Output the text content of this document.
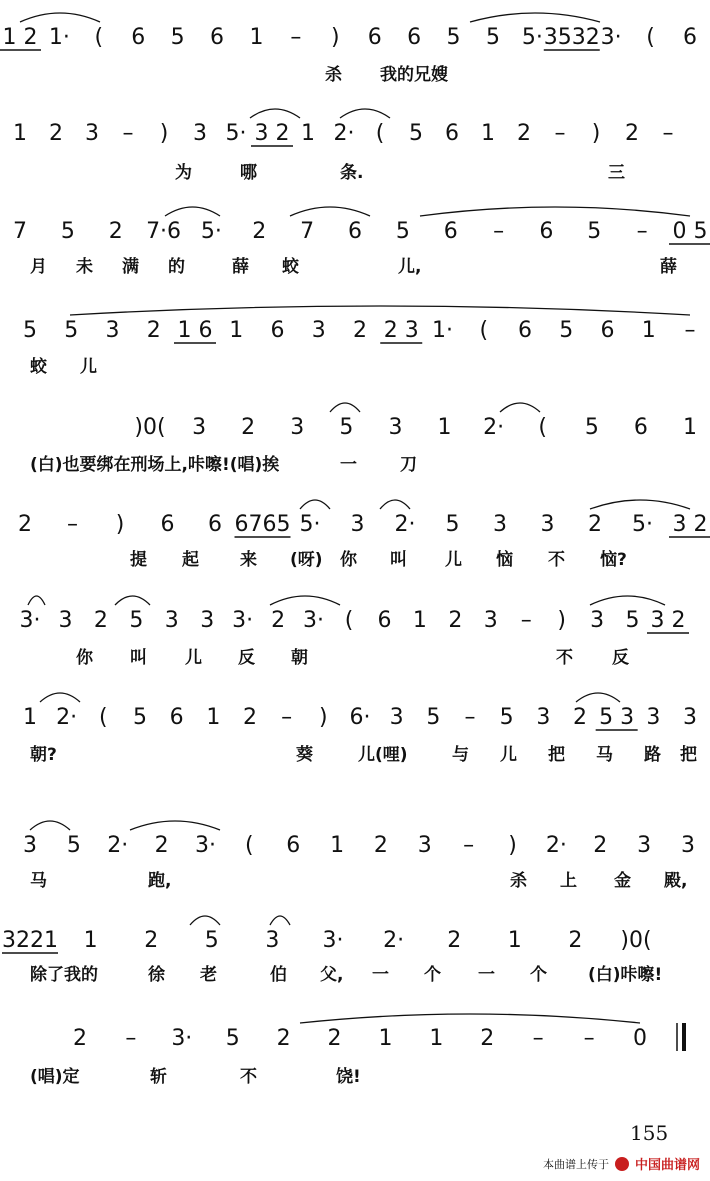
1 2 1· ( 6 5 6 1 – ) 6 6 5 5 5· 3532 3· ( 6
杀 我的兄嫂
1 2 3 – ) 3 5· 3 2 1 2· ( 5 6 1 2 – ) 2 –
为	哪	条.	三
7 5 2 7·6 5· 2 7 6 5 6 – 6 5 – 0 5
月 未 满 的	薛 蛟	儿,	薛
5 5 3 2 1 6 1 6 3 2 2 3 1· ( 6 5 6 1 –
蛟 儿
)0( 3 2 3 5 3 1 2· ( 5 6 1
(白)也要绑在刑场上,咔嚓!(唱)挨	一	刀
2 – ) 6 6 6765 5· 3 2· 5 3 3 2 5· 3 2
提 起 来 (呀) 你 叫 儿 恼 不 恼?
3· 3 2 5 3 3 3· 2 3· ( 6 1 2 3 – ) 3 5 3 2
你 叫 儿 反 朝	不 反
1 2· ( 5 6 1 2 – ) 6· 3 5 – 5 3 2 5 3 3 3
朝?	葵	儿(哩)	与 儿 把 马 路 把
3 5 2· 2 3· ( 6 1 2 3 – ) 2· 2 3 3
马	跑,	杀 上 金 殿,
3221 1 2 5 3 3· 2· 2 1 2 )0(
除了我的	徐 老	伯 父, 一 个 一 个 (白)咔嚓!
2 – 3· 5 2 2 1 1 2 – – 0
(唱)定	斩	不	饶!
155
本曲谱上传于 中国曲谱网
